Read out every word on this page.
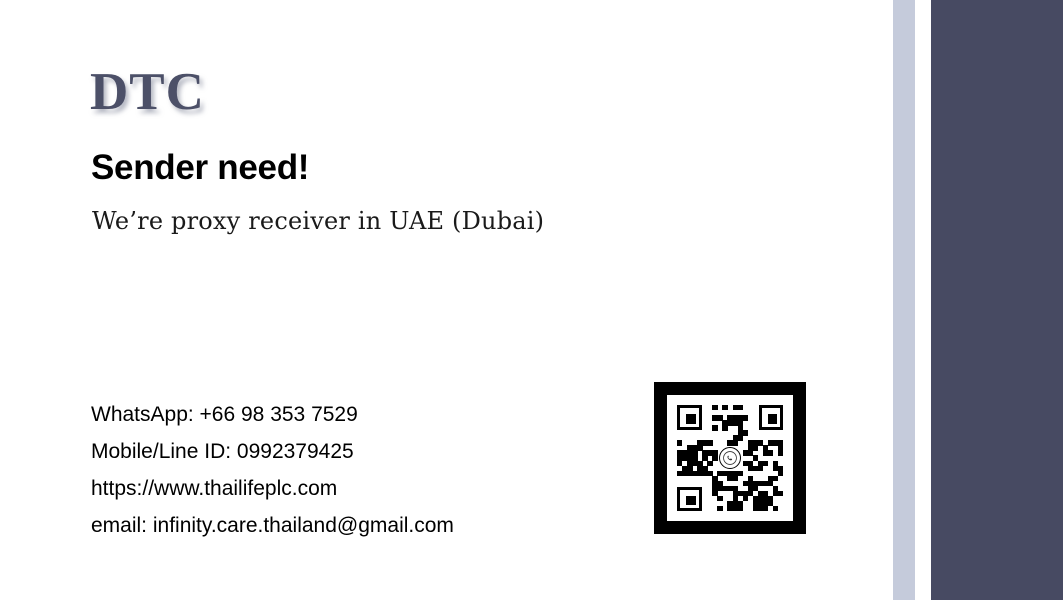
DTC
Sender need!
We’re proxy receiver in UAE (Dubai)
WhatsApp: +66 98 353 7529
Mobile/Line ID: 0992379425
https://www.thailifeplc.com
email: infinity.care.thailand@gmail.com
